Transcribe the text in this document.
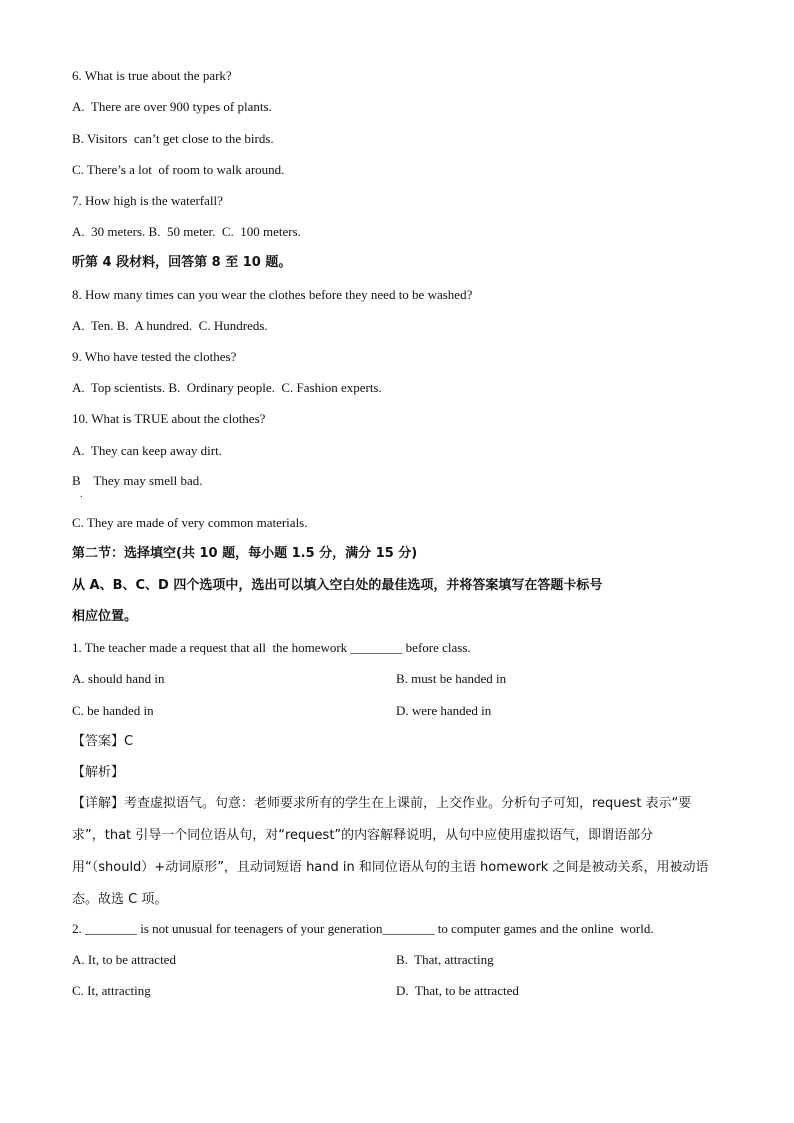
6. What is true about the park?
A.  There are over 900 types of plants.
B. Visitors  can’t get close to the birds.
C. There’s a lot  of room to walk around.
7. How high is the waterfall?
A.  30 meters. B.  50 meter.  C.  100 meters.
听第 4 段材料，回答第 8 至 10 题。
8. How many times can you wear the clothes before they need to be washed?
A.  Ten. B.  A hundred.  C. Hundreds.
9. Who have tested the clothes?
A.  Top scientists. B.  Ordinary people.  C. Fashion experts.
10. What is TRUE about the clothes?
A.  They can keep away dirt.
B    They may smell bad.
.
C. They are made of very common materials.
第二节：选择填空(共 10 题，每小题 1.5 分，满分 15 分)
从 A、B、C、D 四个选项中，选出可以填入空白处的最佳选项，并将答案填写在答题卡标号
相应位置。
1. The teacher made a request that all  the homework ________ before class.
A. should hand in	B. must be handed in
C. be handed in	D. were handed in
【答案】C
【解析】
【详解】考查虚拟语气。句意：老师要求所有的学生在上课前，上交作业。分析句子可知，request 表示“要求”，that 引导一个同位语从句，对“request”的内容解释说明，从句中应使用虚拟语气，即谓语部分用“（should）+动词原形”，且动词短语 hand in 和同位语从句的主语 homework 之间是被动关系，用被动语态。故选 C 项。
2. ________ is not unusual for teenagers of your generation________ to computer games and the online  world.
A. It, to be attracted	B.  That, attracting
C. It, attracting	D.  That, to be attracted
